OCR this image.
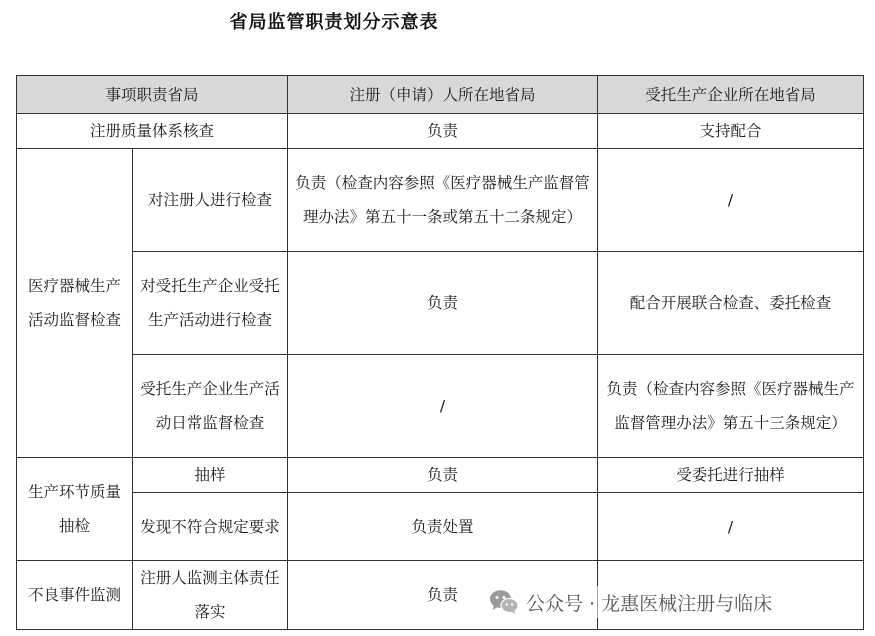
省局监管职责划分示意表
事项职责省局		注册（申请）人所在地省局	受托生产企业所在地省局
注册质量体系核查		负责	支持配合
医疗器械生产活动监督检查	对注册人进行检查	负责（检查内容参照《医疗器械生产监督管理办法》第五十一条或第五十二条规定）	/
	对受托生产企业受托生产活动进行检查	负责	配合开展联合检查、委托检查
	受托生产企业生产活动日常监督检查	/	负责（检查内容参照《医疗器械生产监督管理办法》第五十三条规定）
生产环节质量抽检	抽样	负责	受委托进行抽样
	发现不符合规定要求	负责处置	/
不良事件监测	注册人监测主体责任落实	负责		公众号 · 龙惠医械注册与临床
